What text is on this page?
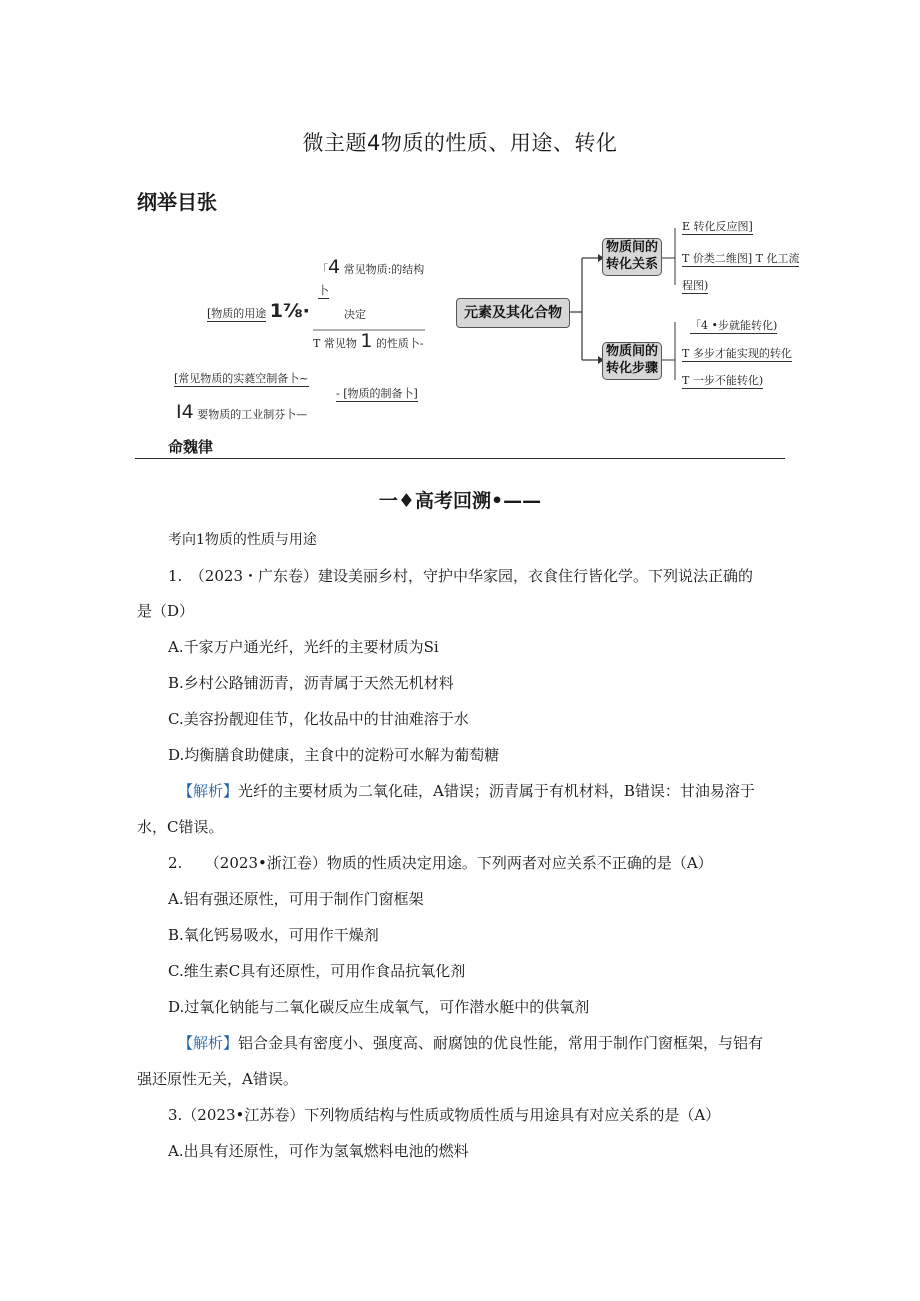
微主题4物质的性质、用途、转化
纲举目张
元素及其化合物
物质间的
转化关系
物质间的
转化步骤
E 转化反应图]
T 价类二维图] T 化工流
程图)
「4 •步就能转化)
T 多步才能实现的转化
T 一步不能转化)
「4 常见物质:的结构
卜
[物质的用途 1⅞·	决定
T 常见物 1 的性质卜-
[常见物质的实蕤空制备卜~
- [物质的制备卜]
I4 要物质的工业制芬卜—
命魏律
一♦高考回溯•——
考向1物质的性质与用途
1.　（2023・广东卷）建设美丽乡村，守护中华家园，衣食住行皆化学。下列说法正确的
是（D）
A.千家万户通光纤，光纤的主要材质为Si
B.乡村公路铺沥青，沥青属于天然无机材料
C.美容扮靓迎佳节，化妆品中的甘油难溶于水
D.均衡膳食助健康，主食中的淀粉可水解为葡萄糖
【解析】光纤的主要材质为二氧化硅，A错误；沥青属于有机材料，B错误：甘油易溶于
水，C错误。
2.　　（2023•浙江卷）物质的性质决定用途。下列两者对应关系不正确的是（A）
A.铝有强还原性，可用于制作门窗框架
B.氧化钙易吸水，可用作干燥剂
C.维生素C具有还原性，可用作食品抗氧化剂
D.过氧化钠能与二氧化碳反应生成氧气，可作潜水艇中的供氧剂
【解析】铝合金具有密度小、强度高、耐腐蚀的优良性能，常用于制作门窗框架，与铝有
强还原性无关，A错误。
3.（2023•江苏卷）下列物质结构与性质或物质性质与用途具有对应关系的是（A）
A.出具有还原性，可作为氢氧燃料电池的燃料
